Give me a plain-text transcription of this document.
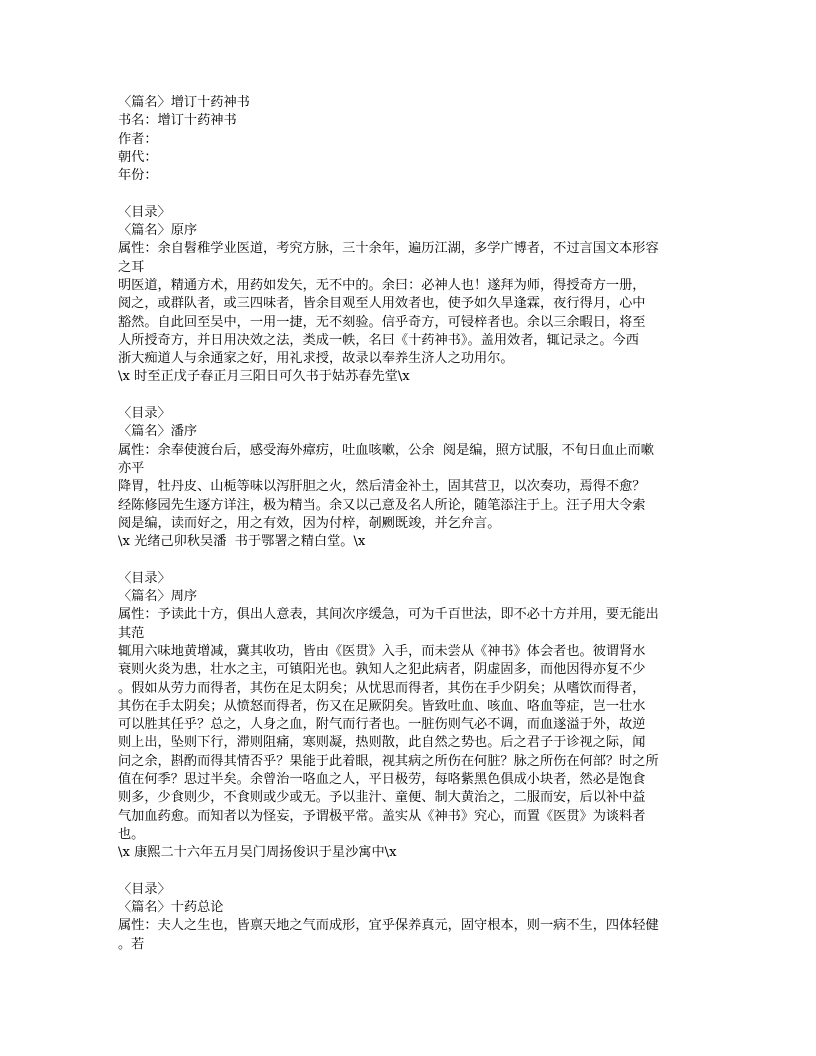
〈篇名〉增订十药神书
书名：增订十药神书
作者：
朝代：
年份：
〈目录〉
〈篇名〉原序
属性：余自髫稚学业医道，考究方脉，三十余年，遍历江湖，多学广博者，不过言国文本形容
之耳
明医道，精通方术，用药如发矢，无不中的。余曰：必神人也！遂拜为师，得授奇方一册，
阅之，或群队者，或三四味者，皆余目观至人用效者也，使予如久旱逢霖，夜行得月，心中
豁然。自此回至吴中，一用一捷，无不刻验。信乎奇方，可锓梓者也。余以三余暇日，将至
人所授奇方，并日用决效之法，类成一帙，名曰《十药神书》。盖用效者，辄记录之。今西
浙大痴道人与余通家之好，用礼求授，故录以奉养生济人之功用尔。
\x 时至正戊子春正月三阳日可久书于姑苏春先堂\x
〈目录〉
〈篇名〉潘序
属性：余奉使渡台后，感受海外瘴疠，吐血咳嗽，公余  阅是编，照方试服，不旬日血止而嗽
亦平
降胃，牡丹皮、山栀等味以泻肝胆之火，然后清金补土，固其营卫，以次奏功，焉得不愈？
经陈修园先生逐方详注，极为精当。余又以己意及名人所论，随笔添注于上。汪子用大令索
阅是编，读而好之，用之有效，因为付梓，剞劂既竣，并乞弁言。
\x 光绪己卯秋吴潘  书于鄂署之精白堂。\x
〈目录〉
〈篇名〉周序
属性：予读此十方，俱出人意表，其间次序缓急，可为千百世法，即不必十方并用，要无能出
其范
辄用六味地黄增减，冀其收功，皆由《医贯》入手，而未尝从《神书》体会者也。彼谓肾水
衰则火炎为患，壮水之主，可镇阳光也。孰知人之犯此病者，阴虚固多，而他因得亦复不少
。假如从劳力而得者，其伤在足太阴矣；从忧思而得者，其伤在手少阴矣；从嗜饮而得者，
其伤在手太阴矣；从愤怒而得者，伤又在足厥阴矣。皆致吐血、咳血、咯血等症，岂一壮水
可以胜其任乎？总之，人身之血，附气而行者也。一脏伤则气必不调，而血遂溢于外，故逆
则上出，坠则下行，滞则阻痛，寒则凝，热则散，此自然之势也。后之君子于诊视之际，闻
问之余，斟酌而得其情否乎？果能于此着眼，视其病之所伤在何脏？脉之所伤在何部？时之所
值在何季？思过半矣。余曾治一咯血之人，平日极劳，每咯紫黑色俱成小块者，然必是饱食
则多，少食则少，不食则或少或无。予以韭汁、童便、制大黄治之，二服而安，后以补中益
气加血药愈。而知者以为怪妄，予谓极平常。盖实从《神书》究心，而置《医贯》为谈料者
也。
\x 康熙二十六年五月吴门周扬俊识于星沙寓中\x
〈目录〉
〈篇名〉十药总论
属性：夫人之生也，皆禀天地之气而成形，宜乎保养真元，固守根本，则一病不生，四体轻健
。若
